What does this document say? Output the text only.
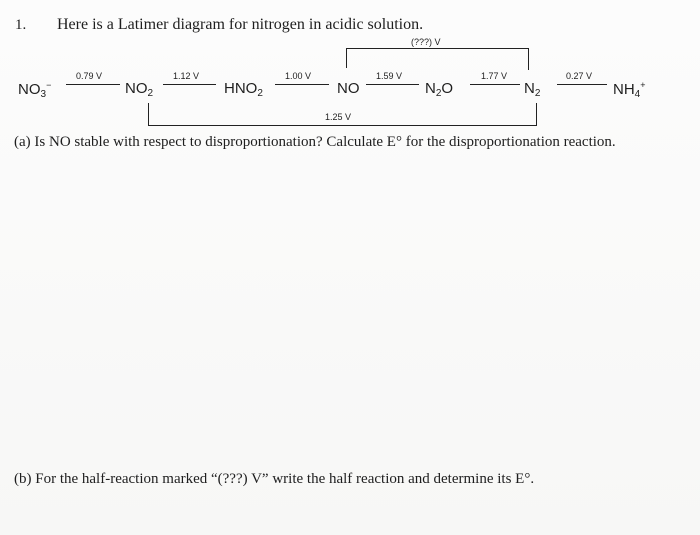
1. Here is a Latimer diagram for nitrogen in acidic solution.
(???) V
$NO_3^-$	$NO_2$	$HNO_2$	NO	$N_2O$	$N_2$	$NH_4^+$
0.79 V	1.12 V	1.00 V	1.59 V	1.77 V	0.27 V
1.25 V
(a) Is NO stable with respect to disproportionation? Calculate E° for the disproportionation reaction.
(b) For the half-reaction marked “(???) V” write the half reaction and determine its E°.
